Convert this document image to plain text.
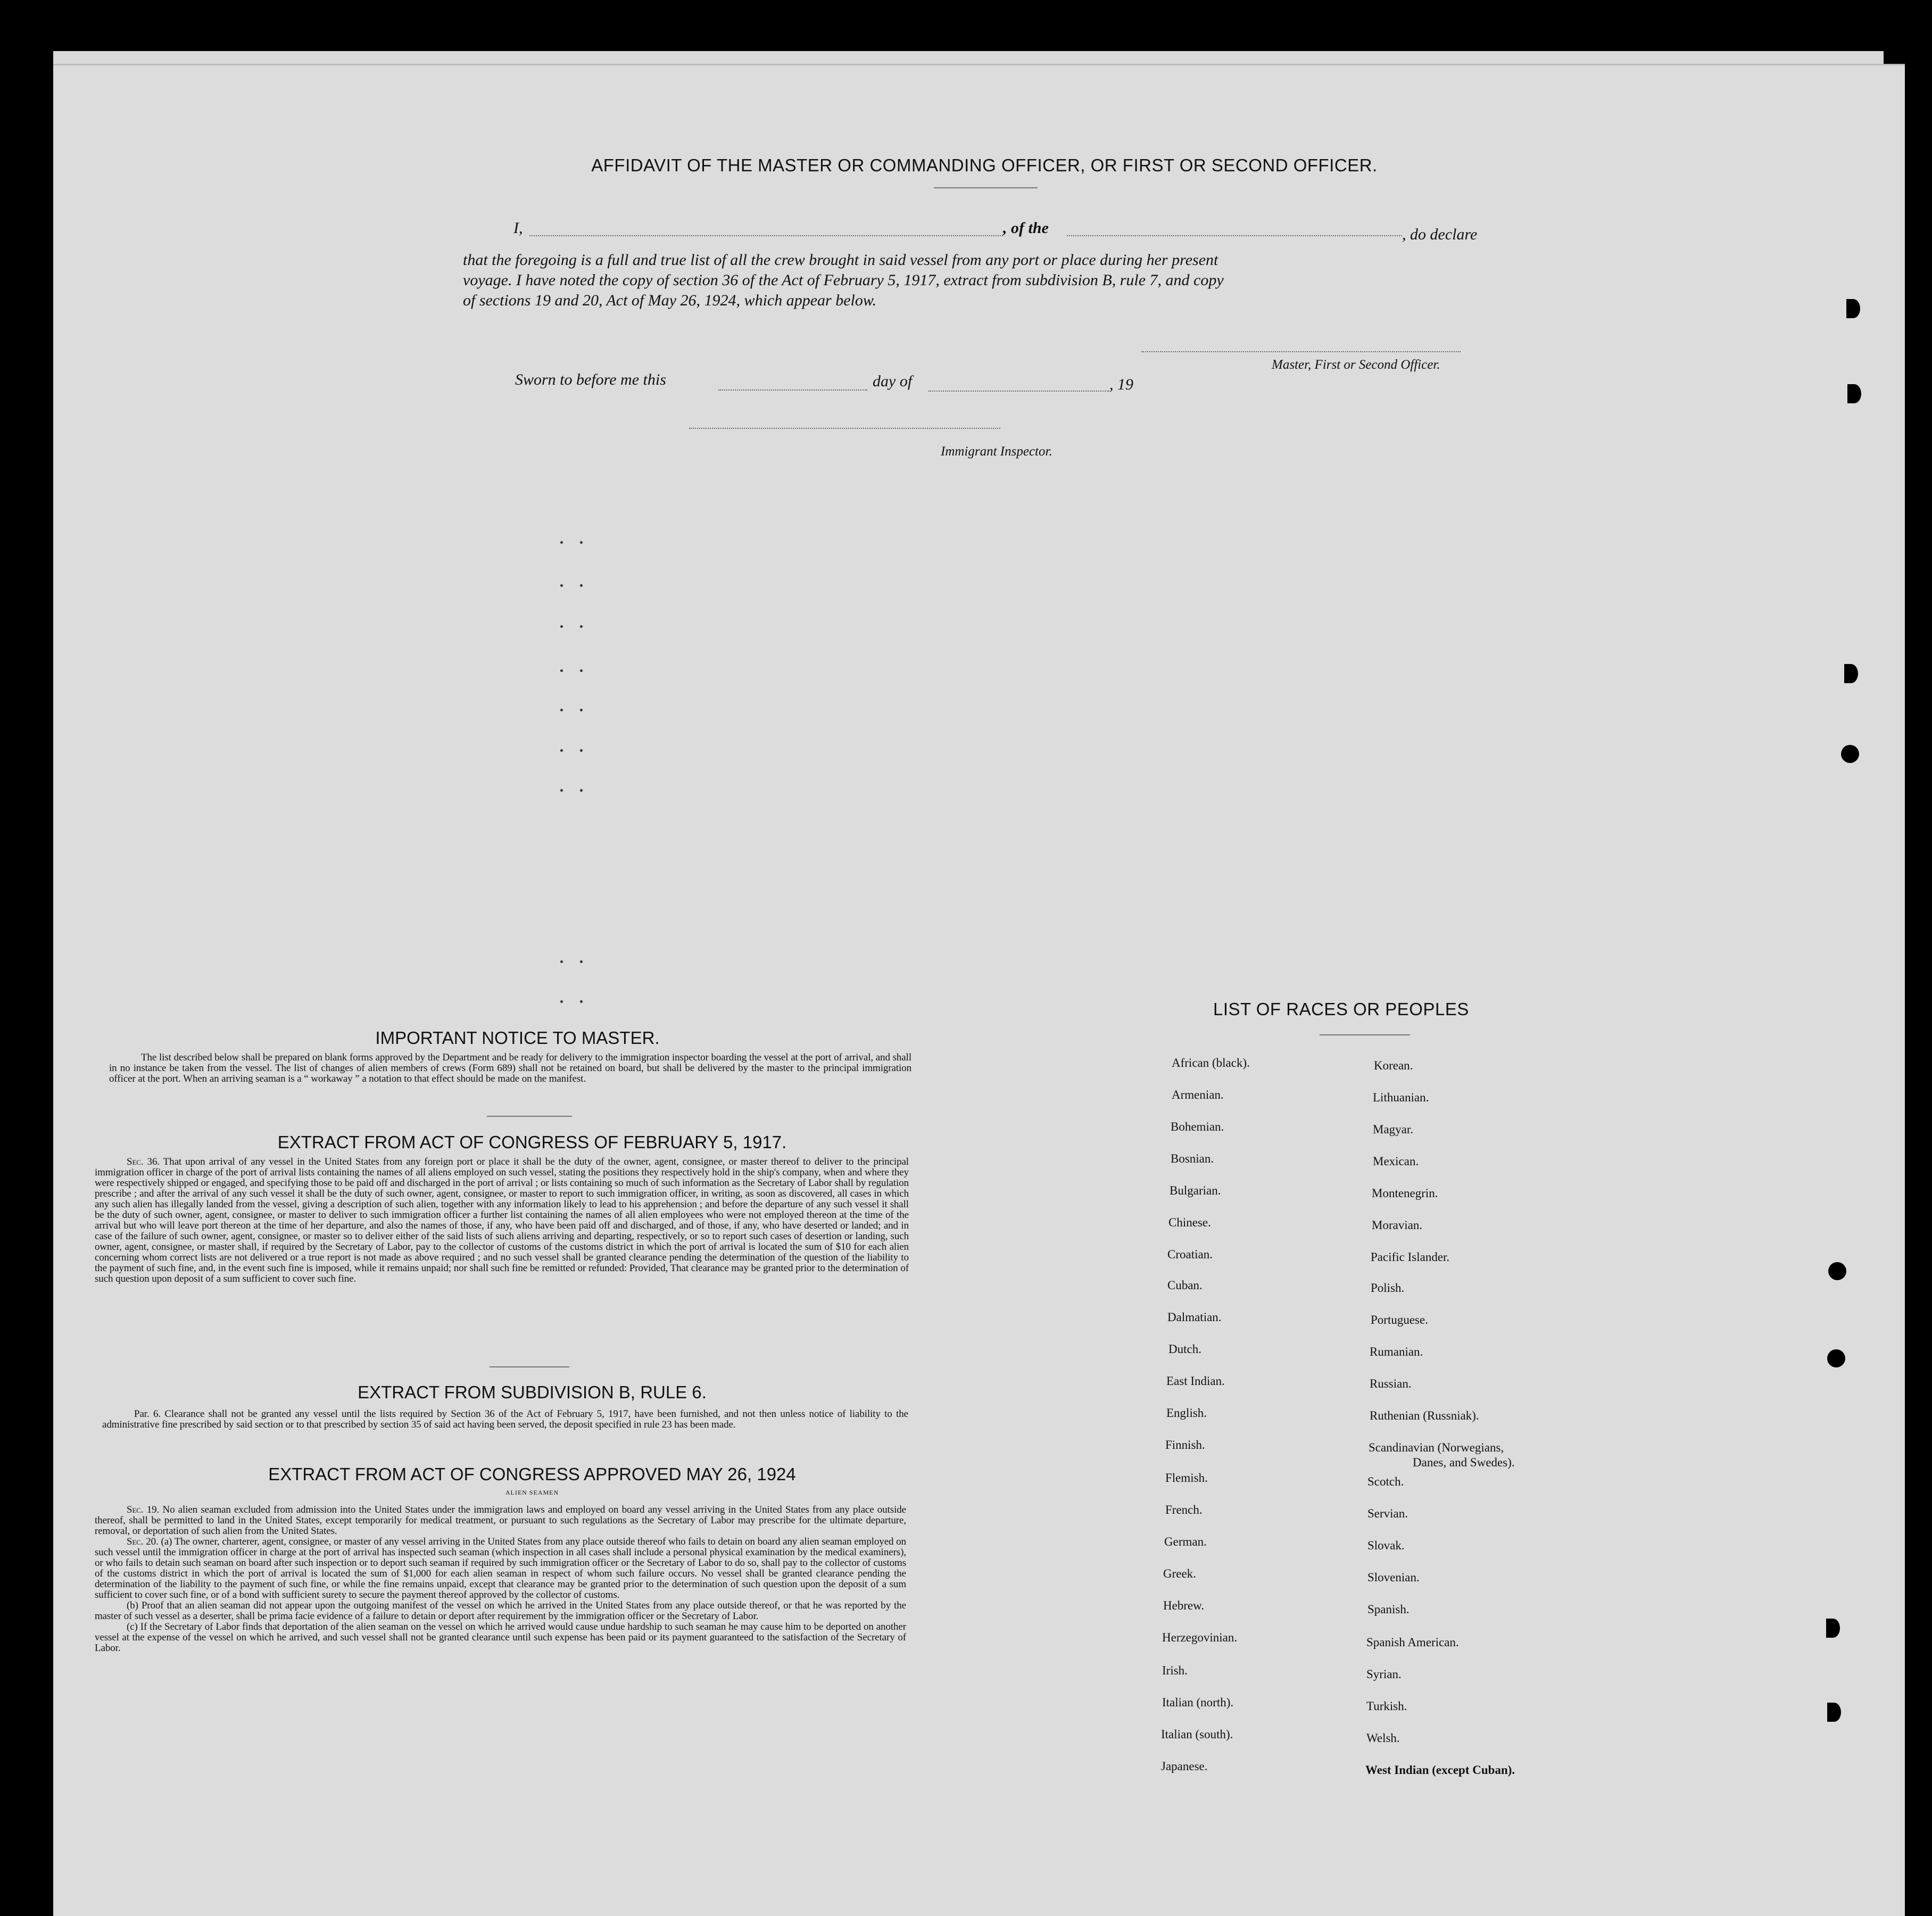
AFFIDAVIT OF THE MASTER OR COMMANDING OFFICER, OR FIRST OR SECOND OFFICER.
I,	, of the	, do declare
that the foregoing is a full and true list of all the crew brought in said vessel from any port or place during her present
voyage. I have noted the copy of section 36 of the Act of February 5, 1917, extract from subdivision B, rule 7, and copy
of sections 19 and 20, Act of May 26, 1924, which appear below.
Master, First or Second Officer.
Sworn to before me this	day of	, 19
Immigrant Inspector.
IMPORTANT NOTICE TO MASTER.

The list described below shall be prepared on blank forms approved by the Department and be ready for delivery to the immigration inspector boarding the vessel at the port of arrival, and shall in no instance be taken from the vessel. The list of changes of alien members of crews (Form 689) shall not be retained on board, but shall be delivered by the master to the principal immigration officer at the port. When an arriving seaman is a “ workaway ” a notation to that effect should be made on the manifest.

EXTRACT FROM ACT OF CONGRESS OF FEBRUARY 5, 1917.

Sec. 36. That upon arrival of any vessel in the United States from any foreign port or place it shall be the duty of the owner, agent, consignee, or master thereof to deliver to the principal immigration officer in charge of the port of arrival lists containing the names of all aliens employed on such vessel, stating the positions they respectively hold in the ship's company, when and where they were respectively shipped or engaged, and specifying those to be paid off and discharged in the port of arrival ; or lists containing so much of such information as the Secretary of Labor shall by regulation prescribe ; and after the arrival of any such vessel it shall be the duty of such owner, agent, consignee, or master to report to such immigration officer, in writing, as soon as discovered, all cases in which any such alien has illegally landed from the vessel, giving a description of such alien, together with any information likely to lead to his apprehension ; and before the departure of any such vessel it shall be the duty of such owner, agent, consignee, or master to deliver to such immigration officer a further list containing the names of all alien employees who were not employed thereon at the time of the arrival but who will leave port thereon at the time of her departure, and also the names of those, if any, who have been paid off and discharged, and of those, if any, who have deserted or landed; and in case of the failure of such owner, agent, consignee, or master so to deliver either of the said lists of such aliens arriving and departing, respectively, or so to report such cases of desertion or landing, such owner, agent, consignee, or master shall, if required by the Secretary of Labor, pay to the collector of customs of the customs district in which the port of arrival is located the sum of $10 for each alien concerning whom correct lists are not delivered or a true report is not made as above required ; and no such vessel shall be granted clearance pending the determination of the question of the liability to the payment of such fine, and, in the event such fine is imposed, while it remains unpaid; nor shall such fine be remitted or refunded: Provided, That clearance may be granted prior to the determination of such question upon deposit of a sum sufficient to cover such fine.

EXTRACT FROM SUBDIVISION B, RULE 6.

Par. 6. Clearance shall not be granted any vessel until the lists required by Section 36 of the Act of February 5, 1917, have been furnished, and not then unless notice of liability to the administrative fine prescribed by said section or to that prescribed by section 35 of said act having been served, the deposit specified in rule 23 has been made.

EXTRACT FROM ACT OF CONGRESS APPROVED MAY 26, 1924
ALIEN SEAMEN

Sec. 19. No alien seaman excluded from admission into the United States under the immigration laws and employed on board any vessel arriving in the United States from any place outside thereof, shall be permitted to land in the United States, except temporarily for medical treatment, or pursuant to such regulations as the Secretary of Labor may prescribe for the ultimate departure, removal, or deportation of such alien from the United States.

Sec. 20. (a) The owner, charterer, agent, consignee, or master of any vessel arriving in the United States from any place outside thereof who fails to detain on board any alien seaman employed on such vessel until the immigration officer in charge at the port of arrival has inspected such seaman (which inspection in all cases shall include a personal physical examination by the medical examiners), or who fails to detain such seaman on board after such inspection or to deport such seaman if required by such immigration officer or the Secretary of Labor to do so, shall pay to the collector of customs of the customs district in which the port of arrival is located the sum of $1,000 for each alien seaman in respect of whom such failure occurs. No vessel shall be granted clearance pending the determination of the liability to the payment of such fine, or while the fine remains unpaid, except that clearance may be granted prior to the determination of such question upon the deposit of a sum sufficient to cover such fine, or of a bond with sufficient surety to secure the payment thereof approved by the collector of customs.

(b) Proof that an alien seaman did not appear upon the outgoing manifest of the vessel on which he arrived in the United States from any place outside thereof, or that he was reported by the master of such vessel as a deserter, shall be prima facie evidence of a failure to detain or deport after requirement by the immigration officer or the Secretary of Labor.

(c) If the Secretary of Labor finds that deportation of the alien seaman on the vessel on which he arrived would cause undue hardship to such seaman he may cause him to be deported on another vessel at the expense of the vessel on which he arrived, and such vessel shall not be granted clearance until such expense has been paid or its payment guaranteed to the satisfaction of the Secretary of Labor.

LIST OF RACES OR PEOPLES
African (black).
Armenian.
Bohemian.
Bosnian.
Bulgarian.
Chinese.
Croatian.
Cuban.
Dalmatian.
Dutch.
East Indian.
English.
Finnish.
Flemish.
French.
German.
Greek.
Hebrew.
Herzegovinian.
Irish.
Italian (north).
Italian (south).
Japanese.
Korean.
Lithuanian.
Magyar.
Mexican.
Montenegrin.
Moravian.
Pacific Islander.
Polish.
Portuguese.
Rumanian.
Russian.
Ruthenian (Russniak).
Scandinavian (Norwegians,
Danes, and Swedes).
Scotch.
Servian.
Slovak.
Slovenian.
Spanish.
Spanish American.
Syrian.
Turkish.
Welsh.
West Indian (except Cuban).
